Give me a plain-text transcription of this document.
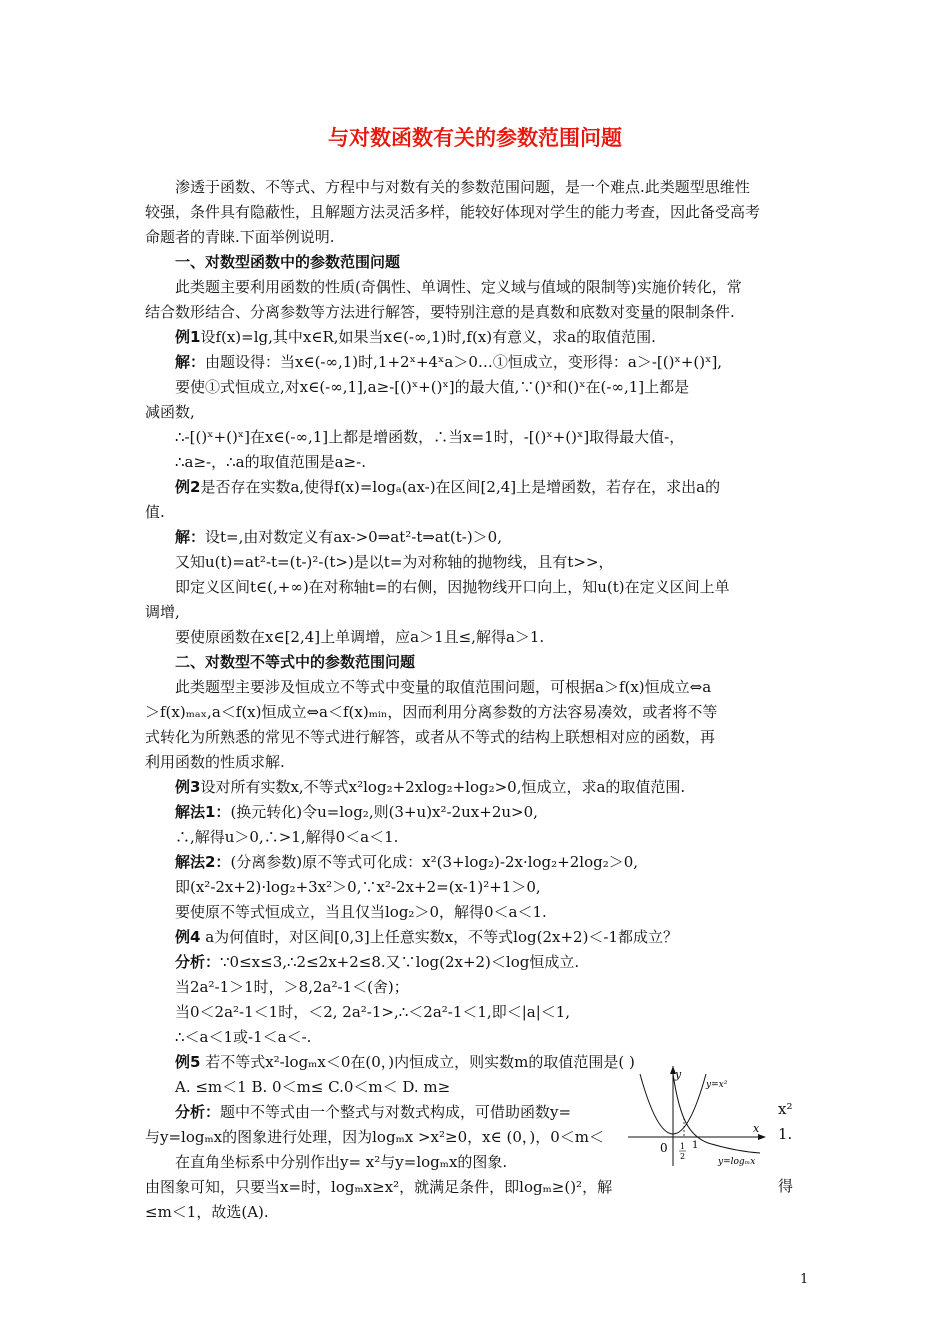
与对数函数有关的参数范围问题
渗透于函数、不等式、方程中与对数有关的参数范围问题，是一个难点.此类题型思维性
较强，条件具有隐蔽性，且解题方法灵活多样，能较好体现对学生的能力考查，因此备受高考
命题者的青睐.下面举例说明.
一、对数型函数中的参数范围问题
此类题主要利用函数的性质(奇偶性、单调性、定义域与值域的限制等)实施价转化，常
结合数形结合、分离参数等方法进行解答，要特别注意的是真数和底数对变量的限制条件.
例1设f(x)=lg,其中x∈R,如果当x∈(-∞,1)时,f(x)有意义，求a的取值范围.
解：由题设得：当x∈(-∞,1)时,1+2ˣ+4ˣa＞0…①恒成立，变形得：a＞-[()ˣ+()ˣ],
要使①式恒成立,对x∈(-∞,1],a≥-[()ˣ+()ˣ]的最大值,∵()ˣ和()ˣ在(-∞,1]上都是
减函数,
∴-[()ˣ+()ˣ]在x∈(-∞,1]上都是增函数，∴当x=1时，-[()ˣ+()ˣ]取得最大值-，
∴a≥-，∴a的取值范围是a≥-.
例2是否存在实数a,使得f(x)=logₐ(ax-)在区间[2,4]上是增函数，若存在，求出a的
值.
解：设t=,由对数定义有ax->0⇒at²-t⇒at(t-)＞0,
又知u(t)=at²-t=(t-)²-(t>)是以t=为对称轴的抛物线，且有t>>，
即定义区间t∈(,+∞)在对称轴t=的右侧，因抛物线开口向上，知u(t)在定义区间上单
调增,
要使原函数在x∈[2,4]上单调增，应a＞1且≤,解得a＞1.
二、对数型不等式中的参数范围问题
此类题型主要涉及恒成立不等式中变量的取值范围问题，可根据a＞f(x)恒成立⇔a
＞f(x)ₘₐₓ,a＜f(x)恒成立⇔a＜f(x)ₘᵢₙ，因而利用分离参数的方法容易凑效，或者将不等
式转化为所熟悉的常见不等式进行解答，或者从不等式的结构上联想相对应的函数，再
利用函数的性质求解.
例3设对所有实数x,不等式x²log₂+2xlog₂+log₂>0,恒成立，求a的取值范围.
解法1：(换元转化)令u=log₂,则(3+u)x²-2ux+2u>0,
∴,解得u＞0,∴>1,解得0＜a＜1.
解法2：(分离参数)原不等式可化成：x²(3+log₂)-2x·log₂+2log₂＞0,
即(x²-2x+2)·log₂+3x²＞0,∵x²-2x+2=(x-1)²+1＞0,
要使原不等式恒成立，当且仅当log₂＞0，解得0＜a＜1.
例4 a为何值时，对区间[0,3]上任意实数x，不等式log(2x+2)＜-1都成立？
分析：∵0≤x≤3,∴2≤2x+2≤8.又∵log(2x+2)＜log恒成立.
当2a²-1＞1时，＞8,2a²-1＜(舍)；
当0＜2a²-1＜1时，＜2, 2a²-1>,∴＜2a²-1＜1,即＜|a|＜1,
∴＜a＜1或-1＜a＜-.
例5 若不等式x²-logₘx＜0在(0，)内恒成立，则实数m的取值范围是( )
A. ≤m＜1 B. 0＜m≤ C.0＜m＜ D. m≥
分析：题中不等式由一个整式与对数式构成，可借助函数y=
与y=logₘx的图象进行处理，因为logₘx >x²≥0，x∈ (0，)，0＜m＜
在直角坐标系中分别作出y= x²与y=logₘx的图象.
由图象可知，只要当x=时，logₘx≥x²，就满足条件，即logₘ≥()²，解
≤m＜1，故选(A).
x²
1.
得
y
x
0 1
1
2
y=x²
y=logₘx
1
